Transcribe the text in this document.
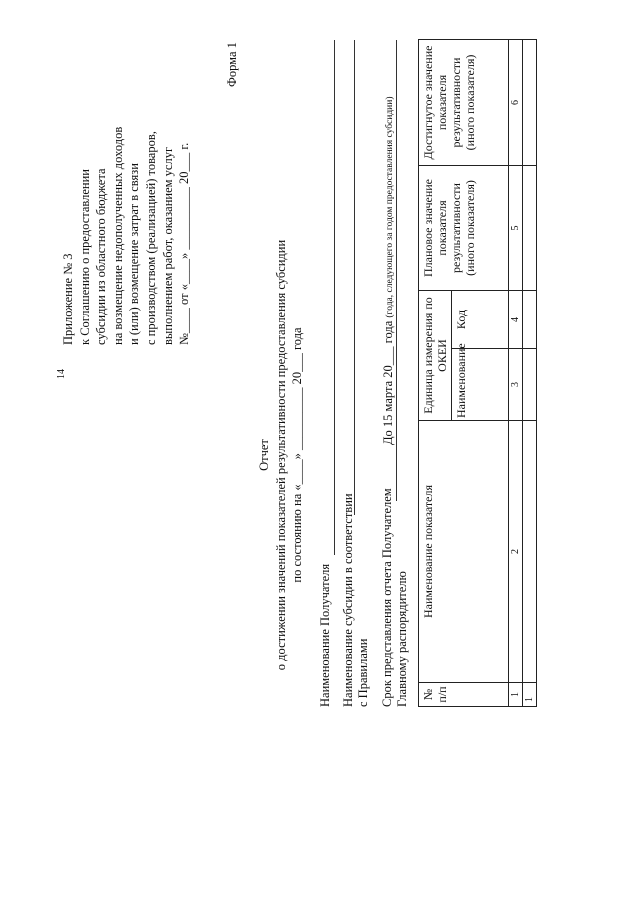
14
Приложение № 3 к Соглашению о предоставлении субсидии из областного бюджета на возмещение недополученных доходов и (или) возмещение затрат в связи с производством (реализацией) товаров, выполнением работ, оказанием услуг №____ от «____» __________ 20___ г.
Форма 1
Отчет о достижении значений показателей результативности предоставления субсидии по состоянию на «____» __________ 20___ года
Наименование Получателя Наименование субсидии в соответствии с Правилами Срок представления отчета Получателем Главному распорядителю
До 15 марта 20___ года (года, следующего за годом предоставления субсидии)
№ п/п	Наименование показателя	Единица измерения по ОКЕИ		Плановое значение показателя результативности (иного показателя)	Достигнутое значение показателя результативности (иного показателя)
		Наименование	Код		
1	2	3	4	5	6
1					
